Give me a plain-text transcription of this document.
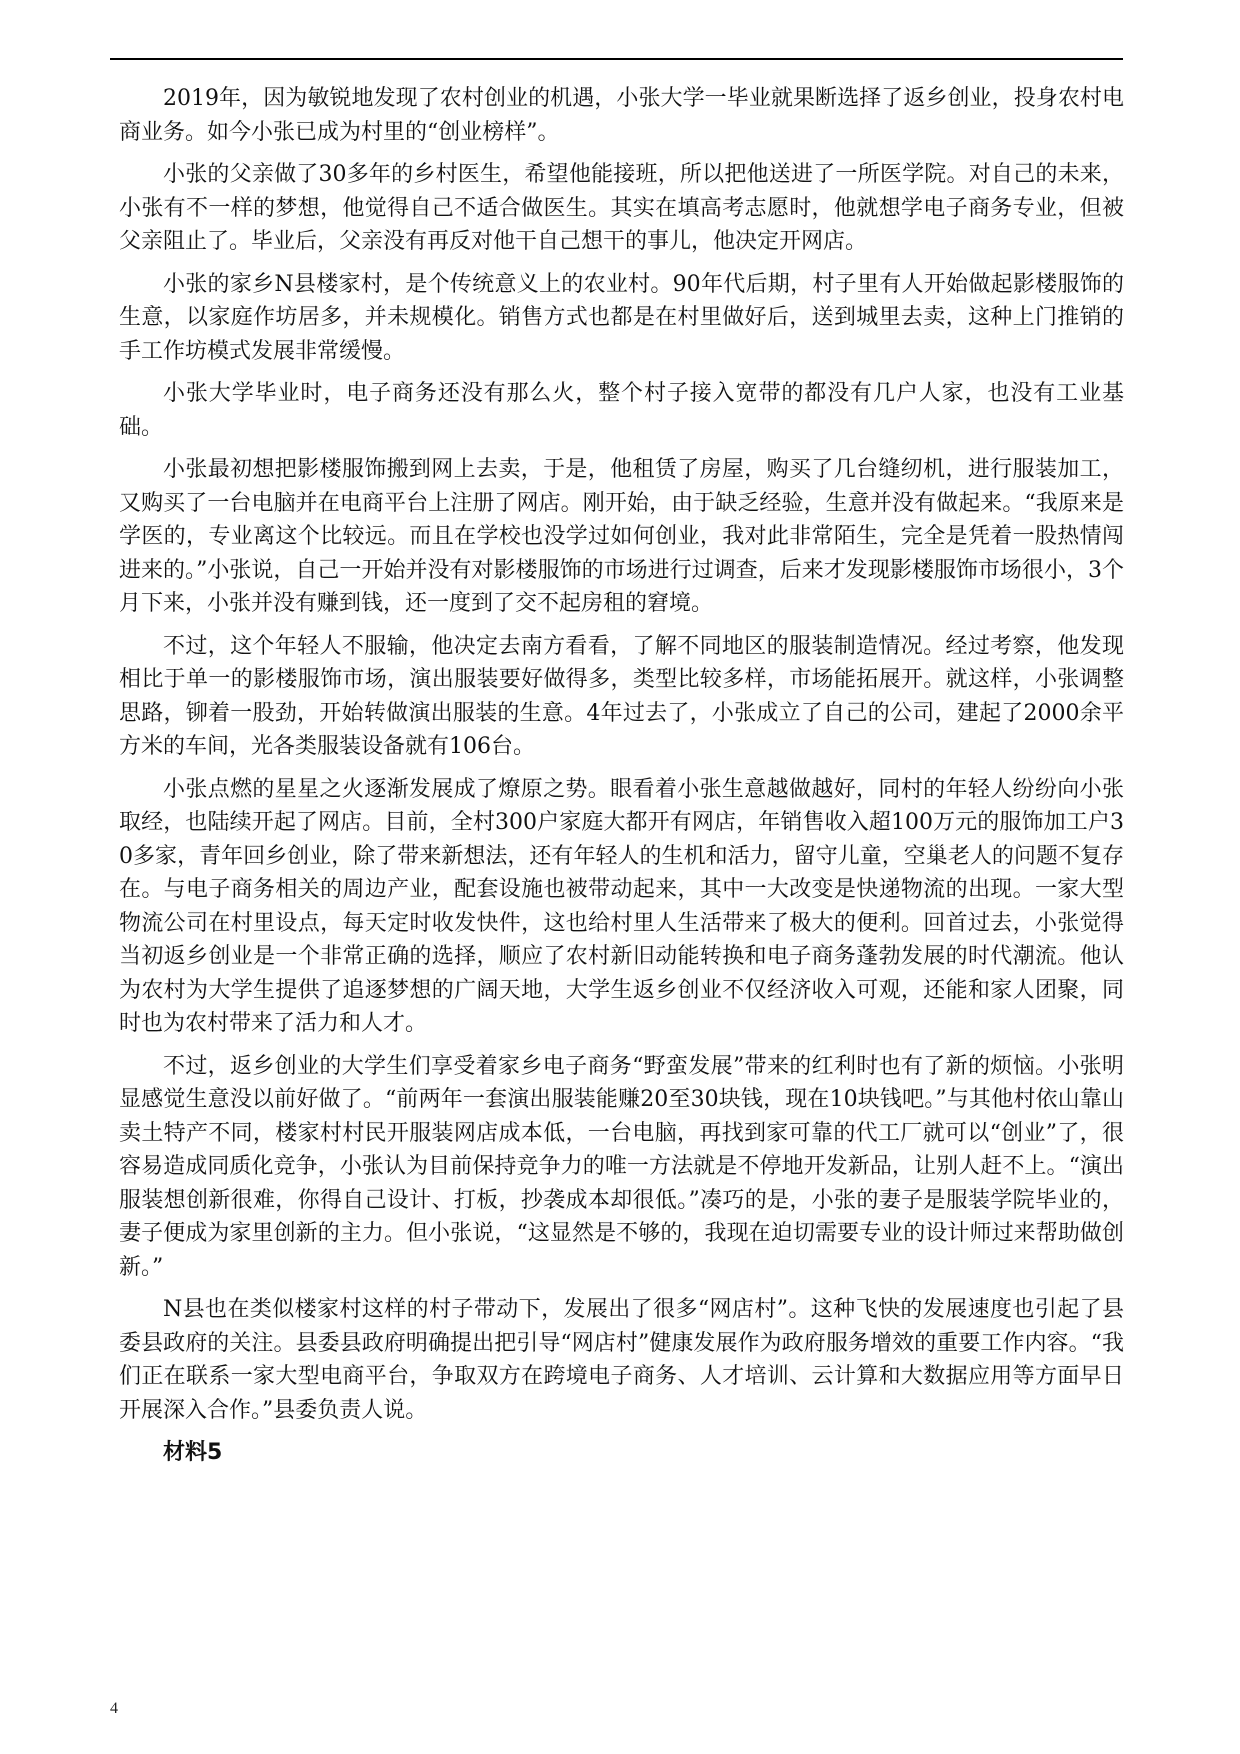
2019年，因为敏锐地发现了农村创业的机遇，小张大学一毕业就果断选择了返乡创业，投身农村电商业务。如今小张已成为村里的“创业榜样”。

小张的父亲做了30多年的乡村医生，希望他能接班，所以把他送进了一所医学院。对自己的未来，小张有不一样的梦想，他觉得自己不适合做医生。其实在填高考志愿时，他就想学电子商务专业，但被父亲阻止了。毕业后，父亲没有再反对他干自己想干的事儿，他决定开网店。

小张的家乡N县楼家村，是个传统意义上的农业村。90年代后期，村子里有人开始做起影楼服饰的生意，以家庭作坊居多，并未规模化。销售方式也都是在村里做好后，送到城里去卖，这种上门推销的手工作坊模式发展非常缓慢。

小张大学毕业时，电子商务还没有那么火，整个村子接入宽带的都没有几户人家，也没有工业基础。

小张最初想把影楼服饰搬到网上去卖，于是，他租赁了房屋，购买了几台缝纫机，进行服装加工，又购买了一台电脑并在电商平台上注册了网店。刚开始，由于缺乏经验，生意并没有做起来。“我原来是学医的，专业离这个比较远。而且在学校也没学过如何创业，我对此非常陌生，完全是凭着一股热情闯进来的。”小张说，自己一开始并没有对影楼服饰的市场进行过调查，后来才发现影楼服饰市场很小，3个月下来，小张并没有赚到钱，还一度到了交不起房租的窘境。

不过，这个年轻人不服输，他决定去南方看看，了解不同地区的服装制造情况。经过考察，他发现相比于单一的影楼服饰市场，演出服装要好做得多，类型比较多样，市场能拓展开。就这样，小张调整思路，铆着一股劲，开始转做演出服装的生意。4年过去了，小张成立了自己的公司，建起了2000余平方米的车间，光各类服装设备就有106台。

小张点燃的星星之火逐渐发展成了燎原之势。眼看着小张生意越做越好，同村的年轻人纷纷向小张取经，也陆续开起了网店。目前，全村300户家庭大都开有网店，年销售收入超100万元的服饰加工户30多家，青年回乡创业，除了带来新想法，还有年轻人的生机和活力，留守儿童，空巢老人的问题不复存在。与电子商务相关的周边产业，配套设施也被带动起来，其中一大改变是快递物流的出现。一家大型物流公司在村里设点，每天定时收发快件，这也给村里人生活带来了极大的便利。回首过去，小张觉得当初返乡创业是一个非常正确的选择，顺应了农村新旧动能转换和电子商务蓬勃发展的时代潮流。他认为农村为大学生提供了追逐梦想的广阔天地，大学生返乡创业不仅经济收入可观，还能和家人团聚，同时也为农村带来了活力和人才。

不过，返乡创业的大学生们享受着家乡电子商务“野蛮发展”带来的红利时也有了新的烦恼。小张明显感觉生意没以前好做了。“前两年一套演出服装能赚20至30块钱，现在10块钱吧。”与其他村依山靠山卖土特产不同，楼家村村民开服装网店成本低，一台电脑，再找到家可靠的代工厂就可以“创业”了，很容易造成同质化竞争，小张认为目前保持竞争力的唯一方法就是不停地开发新品，让别人赶不上。“演出服装想创新很难，你得自己设计、打板，抄袭成本却很低。”凑巧的是，小张的妻子是服装学院毕业的，妻子便成为家里创新的主力。但小张说，“这显然是不够的，我现在迫切需要专业的设计师过来帮助做创新。”

N县也在类似楼家村这样的村子带动下，发展出了很多“网店村”。这种飞快的发展速度也引起了县委县政府的关注。县委县政府明确提出把引导“网店村”健康发展作为政府服务增效的重要工作内容。“我们正在联系一家大型电商平台，争取双方在跨境电子商务、人才培训、云计算和大数据应用等方面早日开展深入合作。”县委负责人说。

材料5

4
